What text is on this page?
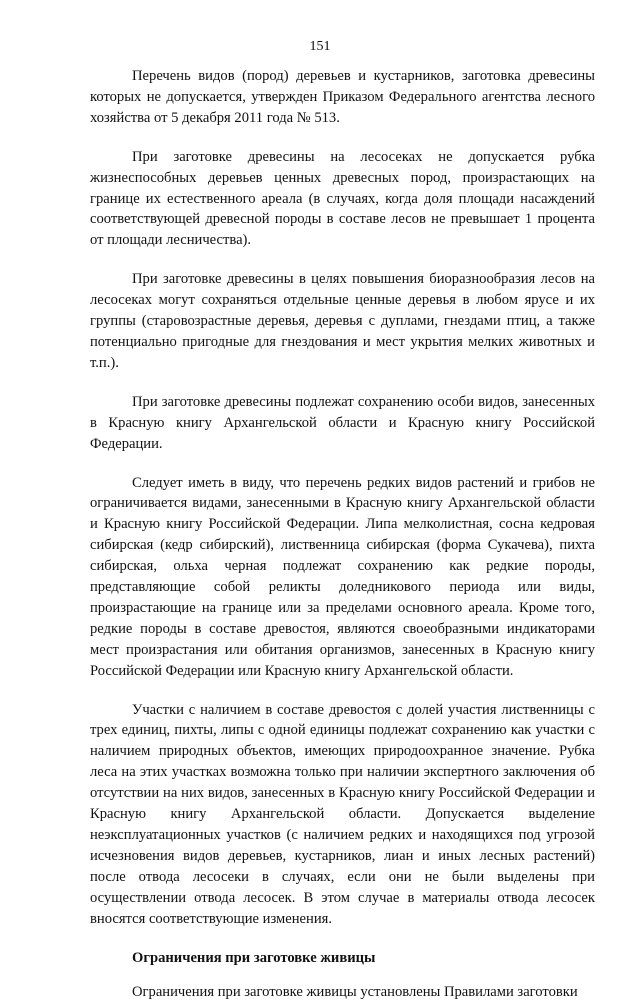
151

Перечень видов (пород) деревьев и кустарников, заготовка древесины которых не допускается, утвержден Приказом Федерального агентства лесного хозяйства от 5 декабря 2011 года № 513.

При заготовке древесины на лесосеках не допускается рубка жизнеспособных деревьев ценных древесных пород, произрастающих на границе их естественного ареала (в случаях, когда доля площади насаждений соответствующей древесной породы в составе лесов не превышает 1 процента от площади лесничества).

При заготовке древесины в целях повышения биоразнообразия лесов на лесосеках могут сохраняться отдельные ценные деревья в любом ярусе и их группы (старовозрастные деревья, деревья с дуплами, гнездами птиц, а также потенциально пригодные для гнездования и мест укрытия мелких животных и т.п.).

При заготовке древесины подлежат сохранению особи видов, занесенных в Красную книгу Архангельской области и Красную книгу Российской Федерации.

Следует иметь в виду, что перечень редких видов растений и грибов не ограничивается видами, занесенными в Красную книгу Архангельской области и Красную книгу Российской Федерации. Липа мелколистная, сосна кедровая сибирская (кедр сибирский), лиственница сибирская (форма Сукачева), пихта сибирская, ольха черная подлежат сохранению как редкие породы, представляющие собой реликты доледникового периода или виды, произрастающие на границе или за пределами основного ареала. Кроме того, редкие породы в составе древостоя, являются своеобразными индикаторами мест произрастания или обитания организмов, занесенных в Красную книгу Российской Федерации или Красную книгу Архангельской области.

Участки с наличием в составе древостоя с долей участия лиственницы с трех единиц, пихты, липы с одной единицы подлежат сохранению как участки с наличием природных объектов, имеющих природоохранное значение. Рубка леса на этих участках возможна только при наличии экспертного заключения об отсутствии на них видов, занесенных в Красную книгу Российской Федерации и Красную книгу Архангельской области. Допускается выделение неэксплуатационных участков (с наличием редких и находящихся под угрозой исчезновения видов деревьев, кустарников, лиан и иных лесных растений) после отвода лесосеки в случаях, если они не были выделены при осуществлении отвода лесосек. В этом случае в материалы отвода лесосек вносятся соответствующие изменения.

Ограничения при заготовке живицы

Ограничения при заготовке живицы установлены Правилами заготовки
